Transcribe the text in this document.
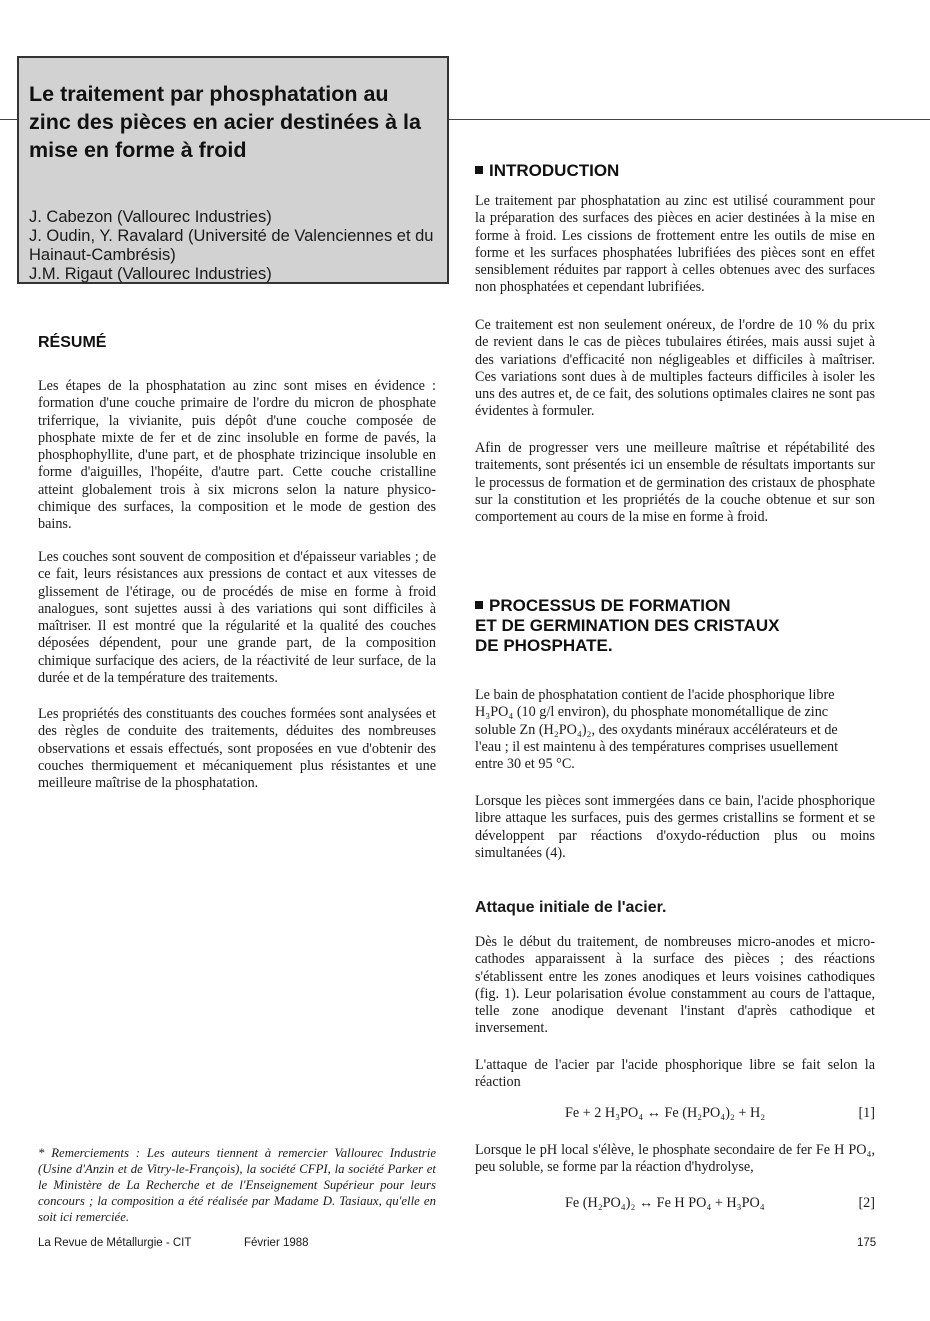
Le traitement par phosphatation au zinc des pièces en acier destinées à la mise en forme à froid
J. Cabezon (Vallourec Industries)
J. Oudin, Y. Ravalard (Université de Valenciennes et du Hainaut-Cambrésis)
J.M. Rigaut (Vallourec Industries)
RÉSUMÉ

Les étapes de la phosphatation au zinc sont mises en évidence : formation d'une couche primaire de l'ordre du micron de phosphate triferrique, la vivianite, puis dépôt d'une couche composée de phosphate mixte de fer et de zinc insoluble en forme de pavés, la phosphophyllite, d'une part, et de phosphate trizincique insoluble en forme d'aiguilles, l'hopéite, d'autre part. Cette couche cristalline atteint globalement trois à six microns selon la nature physico-chimique des surfaces, la composition et le mode de gestion des bains.

Les couches sont souvent de composition et d'épaisseur variables ; de ce fait, leurs résistances aux pressions de contact et aux vitesses de glissement de l'étirage, ou de procédés de mise en forme à froid analogues, sont sujettes aussi à des variations qui sont difficiles à maîtriser. Il est montré que la régularité et la qualité des couches déposées dépendent, pour une grande part, de la composition chimique surfacique des aciers, de la réactivité de leur surface, de la durée et de la température des traitements.

Les propriétés des constituants des couches formées sont analysées et des règles de conduite des traitements, déduites des nombreuses observations et essais effectués, sont proposées en vue d'obtenir des couches thermiquement et mécaniquement plus résistantes et une meilleure maîtrise de la phosphatation.

* Remerciements : Les auteurs tiennent à remercier Vallourec Industrie (Usine d'Anzin et de Vitry-le-François), la société CFPI, la société Parker et le Ministère de La Recherche et de l'Enseignement Supérieur pour leurs concours ; la composition a été réalisée par Madame D. Tasiaux, qu'elle en soit ici remerciée.

La Revue de Métallurgie - CIT	Février 1988	175
INTRODUCTION

Le traitement par phosphatation au zinc est utilisé couramment pour la préparation des surfaces des pièces en acier destinées à la mise en forme à froid. Les cissions de frottement entre les outils de mise en forme et les surfaces phosphatées lubrifiées des pièces sont en effet sensiblement réduites par rapport à celles obtenues avec des surfaces non phosphatées et cependant lubrifiées.

Ce traitement est non seulement onéreux, de l'ordre de 10 % du prix de revient dans le cas de pièces tubulaires étirées, mais aussi sujet à des variations d'efficacité non négligeables et difficiles à maîtriser. Ces variations sont dues à de multiples facteurs difficiles à isoler les uns des autres et, de ce fait, des solutions optimales claires ne sont pas évidentes à formuler.

Afin de progresser vers une meilleure maîtrise et répétabilité des traitements, sont présentés ici un ensemble de résultats importants sur le processus de formation et de germination des cristaux de phosphate sur la constitution et les propriétés de la couche obtenue et sur son comportement au cours de la mise en forme à froid.

PROCESSUS DE FORMATION
ET DE GERMINATION DES CRISTAUX
DE PHOSPHATE.
Le bain de phosphatation contient de l'acide phosphorique libre
H₃PO₄ (10 g/l environ), du phosphate monométallique de zinc
soluble Zn (H₂PO₄)₂, des oxydants minéraux accélérateurs et de
l'eau ; il est maintenu à des températures comprises usuellement
entre 30 et 95 °C.

Lorsque les pièces sont immergées dans ce bain, l'acide phosphorique libre attaque les surfaces, puis des germes cristallins se forment et se développent par réactions d'oxydo-réduction plus ou moins simultanées (4).

Attaque initiale de l'acier.

Dès le début du traitement, de nombreuses micro-anodes et micro-cathodes apparaissent à la surface des pièces ; des réactions s'établissent entre les zones anodiques et leurs voisines cathodiques (fig. 1). Leur polarisation évolue constamment au cours de l'attaque, telle zone anodique devenant l'instant d'après cathodique et inversement.

L'attaque de l'acier par l'acide phosphorique libre se fait selon la réaction

Fe + 2 H₃PO₄ ↔ Fe (H₂PO₄)₂ + H₂	[1]

Lorsque le pH local s'élève, le phosphate secondaire de fer Fe H PO₄, peu soluble, se forme par la réaction d'hydrolyse,

Fe (H₂PO₄)₂ ↔ Fe H PO₄ + H₃PO₄	[2]
